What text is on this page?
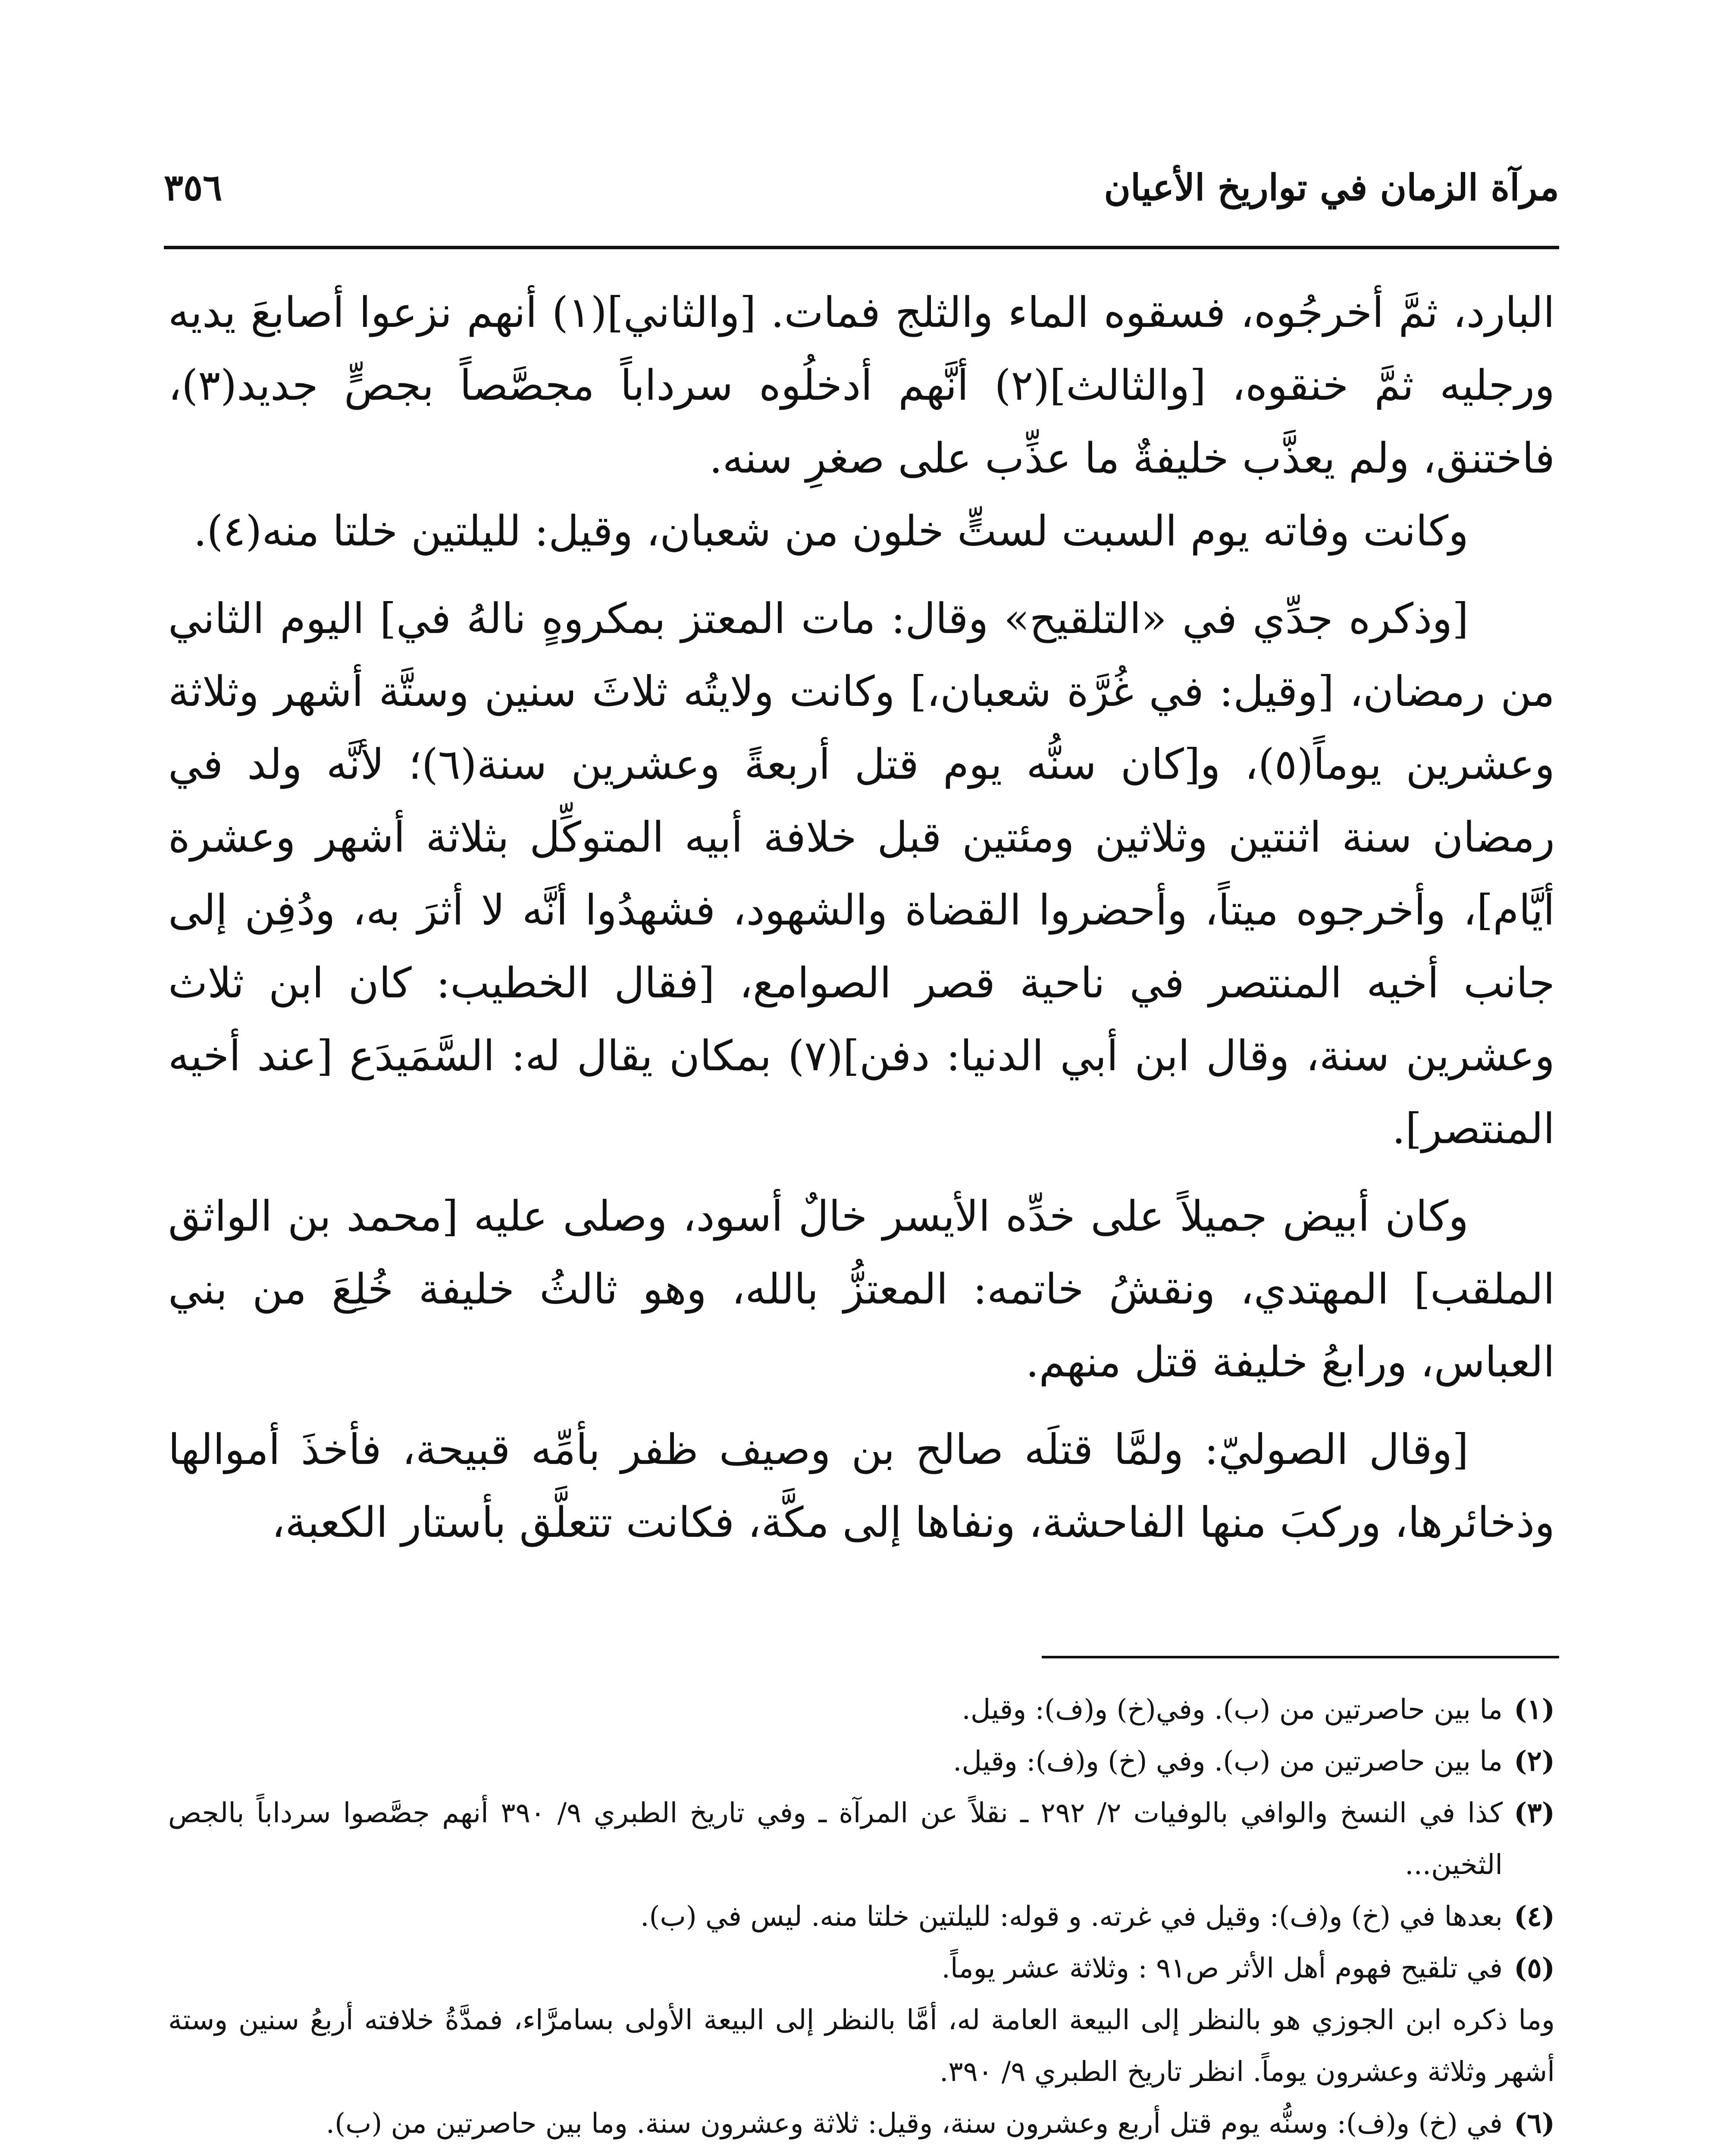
مرآة الزمان في تواريخ الأعيان
٣٥٦

البارد، ثمَّ أخرجُوه، فسقوه الماء والثلج فمات. [والثاني](١) أنهم نزعوا أصابعَ يديه ورجليه ثمَّ خنقوه، [والثالث](٢) أنَّهم أدخلُوه سرداباً مجصَّصاً بجصٍّ جديد(٣)، فاختنق، ولم يعذَّب خليفةٌ ما عذِّب على صغرِ سنه.

وكانت وفاته يوم السبت لستٍّ خلون من شعبان، وقيل: لليلتين خلتا منه(٤).

[وذكره جدِّي في «التلقيح» وقال: مات المعتز بمكروهٍ نالهُ في] اليوم الثاني من رمضان، [وقيل: في غُرَّة شعبان،] وكانت ولايتُه ثلاثَ سنين وستَّة أشهر وثلاثة وعشرين يوماً(٥)، و[كان سنُّه يوم قتل أربعةً وعشرين سنة(٦)؛ لأنَّه ولد في رمضان سنة اثنتين وثلاثين ومئتين قبل خلافة أبيه المتوكِّل بثلاثة أشهر وعشرة أيَّام]، وأخرجوه ميتاً، وأحضروا القضاة والشهود، فشهدُوا أنَّه لا أثرَ به، ودُفِن إلى جانب أخيه المنتصر في ناحية قصر الصوامع، [فقال الخطيب: كان ابن ثلاث وعشرين سنة، وقال ابن أبي الدنيا: دفن](٧) بمكان يقال له: السَّمَيدَع [عند أخيه المنتصر].

وكان أبيض جميلاً على خدِّه الأيسر خالٌ أسود، وصلى عليه [محمد بن الواثق الملقب] المهتدي، ونقشُ خاتمه: المعتزُّ بالله، وهو ثالثُ خليفة خُلِعَ من بني العباس، ورابعُ خليفة قتل منهم.

[وقال الصوليّ: ولمَّا قتلَه صالح بن وصيف ظفر بأمِّه قبيحة، فأخذَ أموالها وذخائرها، وركبَ منها الفاحشة، ونفاها إلى مكَّة، فكانت تتعلَّق بأستار الكعبة،

(١)
ما بين حاصرتين من (ب). وفي(خ) و(ف): وقيل.
(٢)
ما بين حاصرتين من (ب). وفي (خ) و(ف): وقيل.
(٣)
كذا في النسخ والوافي بالوفيات ٢/ ٢٩٢ ـ نقلاً عن المرآة ـ وفي تاريخ الطبري ٩/ ٣٩٠ أنهم جصَّصوا سرداباً بالجص الثخين...
(٤)
بعدها في (خ) و(ف): وقيل في غرته. و قوله: لليلتين خلتا منه. ليس في (ب).
(٥)
في تلقيح فهوم أهل الأثر ص٩١ : وثلاثة عشر يوماً.

وما ذكره ابن الجوزي هو بالنظر إلى البيعة العامة له، أمَّا بالنظر إلى البيعة الأولى بسامرَّاء، فمدَّةُ خلافته أربعُ سنين وستة أشهر وثلاثة وعشرون يوماً. انظر تاريخ الطبري ٩/ ٣٩٠.

(٦)
في (خ) و(ف): وسنُّه يوم قتل أربع وعشرون سنة، وقيل: ثلاثة وعشرون سنة. وما بين حاصرتين من (ب).
